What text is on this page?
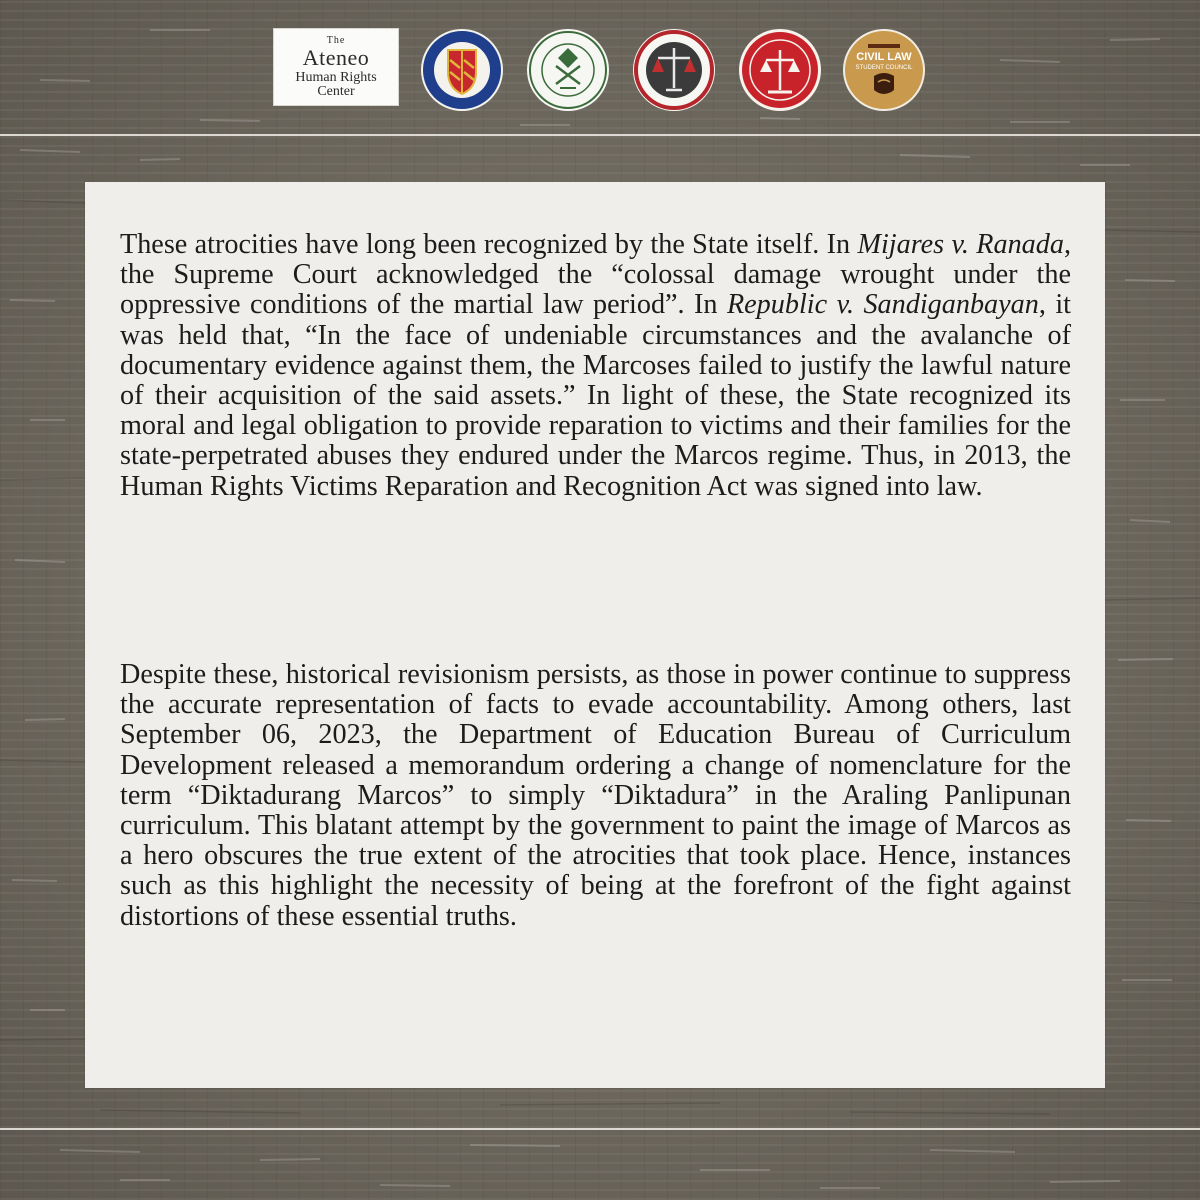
The
Ateneo
Human Rights
Center
CIVIL LAW
STUDENT COUNCIL

These atrocities have long been recognized by the State itself. In Mijares v. Ranada, the Supreme Court acknowledged the “colossal damage wrought under the oppressive conditions of the martial law period”. In Republic v. Sandiganbayan, it was held that, “In the face of undeniable circumstances and the avalanche of documentary evidence against them, the Marcoses failed to justify the lawful nature of their acquisition of the said assets.” In light of these, the State recognized its moral and legal obligation to provide reparation to victims and their families for the state-perpetrated abuses they endured under the Marcos regime. Thus, in 2013, the Human Rights Victims Reparation and Recognition Act was signed into law.

Despite these, historical revisionism persists, as those in power continue to suppress the accurate representation of facts to evade accountability. Among others, last September 06, 2023, the Department of Education Bureau of Curriculum Development released a memorandum ordering a change of nomenclature for the term “Diktadurang Marcos” to simply “Diktadura” in the Araling Panlipunan curriculum. This blatant attempt by the government to paint the image of Marcos as a hero obscures the true extent of the atrocities that took place. Hence, instances such as this highlight the necessity of being at the forefront of the fight against distortions of these essential truths.
